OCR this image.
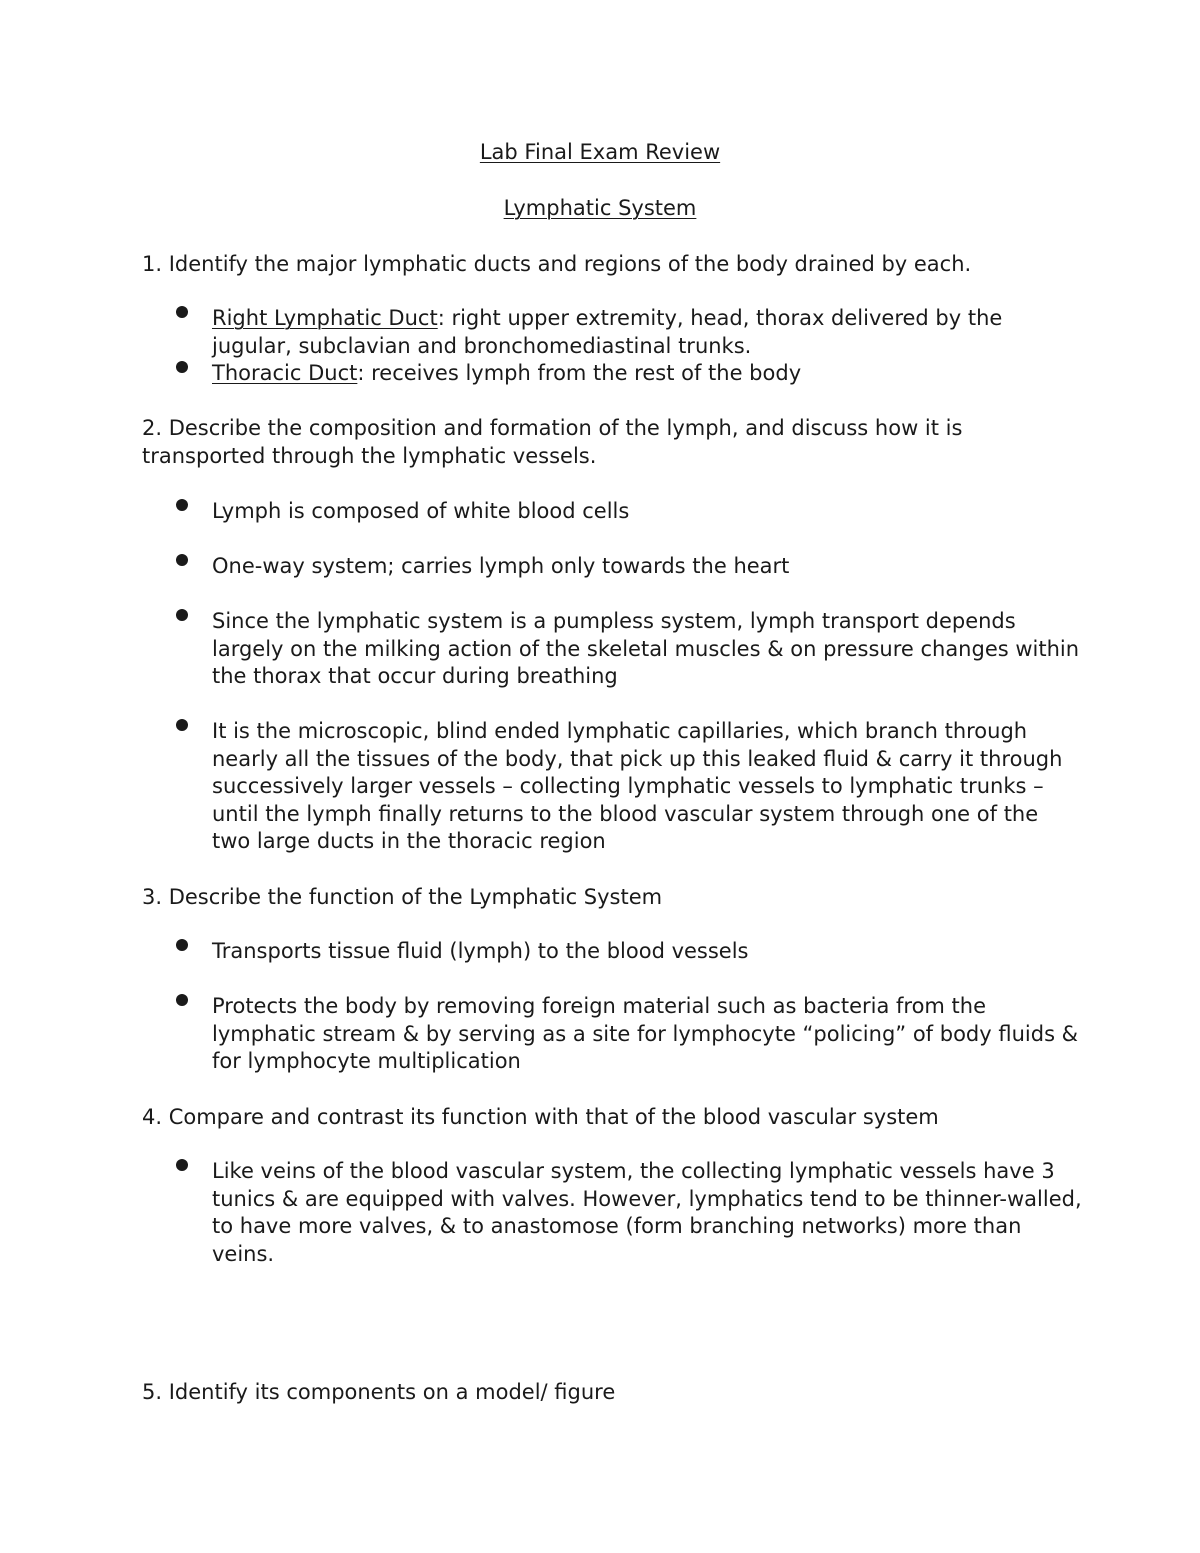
Lab Final Exam Review
Lymphatic System
1. Identify the major lymphatic ducts and regions of the body drained by each.
Right Lymphatic Duct: right upper extremity, head, thorax delivered by the jugular, subclavian and bronchomediastinal trunks.
Thoracic Duct: receives lymph from the rest of the body
2. Describe the composition and formation of the lymph, and discuss how it is transported through the lymphatic vessels.
Lymph is composed of white blood cells
One-way system; carries lymph only towards the heart
Since the lymphatic system is a pumpless system, lymph transport depends largely on the milking action of the skeletal muscles & on pressure changes within the thorax that occur during breathing
It is the microscopic, blind ended lymphatic capillaries, which branch through nearly all the tissues of the body, that pick up this leaked fluid & carry it through successively larger vessels – collecting lymphatic vessels to lymphatic trunks – until the lymph finally returns to the blood vascular system through one of the two large ducts in the thoracic region
3. Describe the function of the Lymphatic System
Transports tissue fluid (lymph) to the blood vessels
Protects the body by removing foreign material such as bacteria from the lymphatic stream & by serving as a site for lymphocyte “policing” of body fluids & for lymphocyte multiplication
4. Compare and contrast its function with that of the blood vascular system
Like veins of the blood vascular system, the collecting lymphatic vessels have 3 tunics & are equipped with valves. However, lymphatics tend to be thinner-walled, to have more valves, & to anastomose (form branching networks) more than veins.
5. Identify its components on a model/ figure
